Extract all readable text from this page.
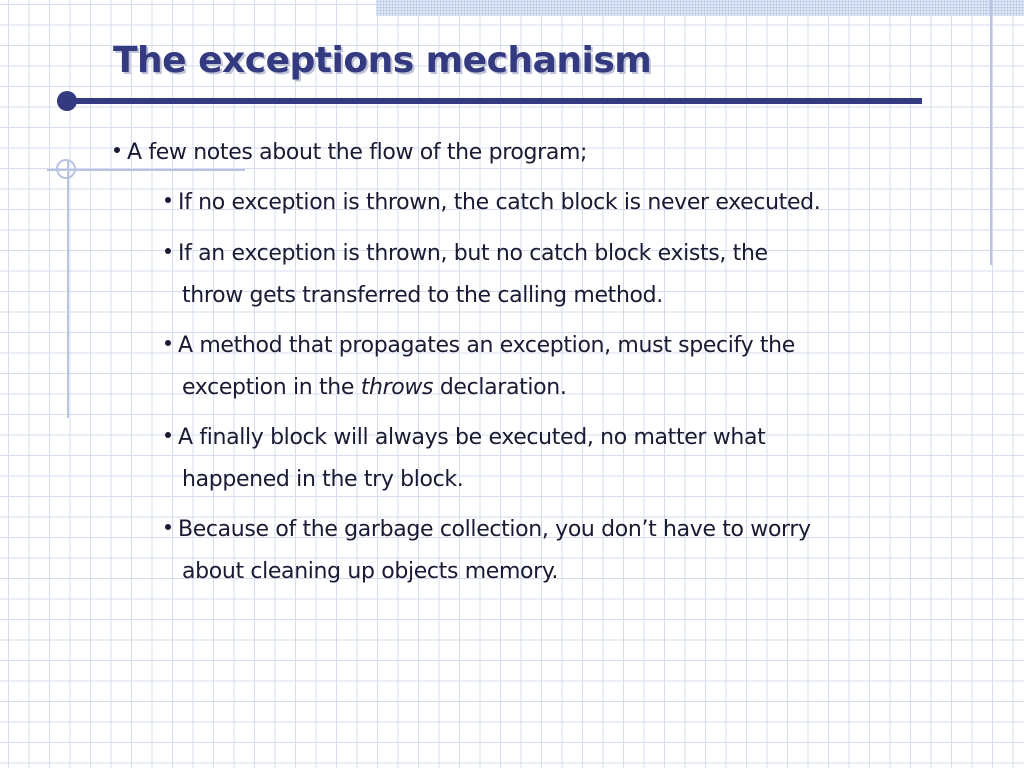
The exceptions mechanism
A few notes about the flow of the program;
If no exception is thrown, the catch block is never executed.
If an exception is thrown, but no catch block exists, the
throw gets transferred to the calling method.
A method that propagates an exception, must specify the
exception in the throws declaration.
A finally block will always be executed, no matter what
happened in the try block.
Because of the garbage collection, you don’t have to worry
about cleaning up objects memory.
